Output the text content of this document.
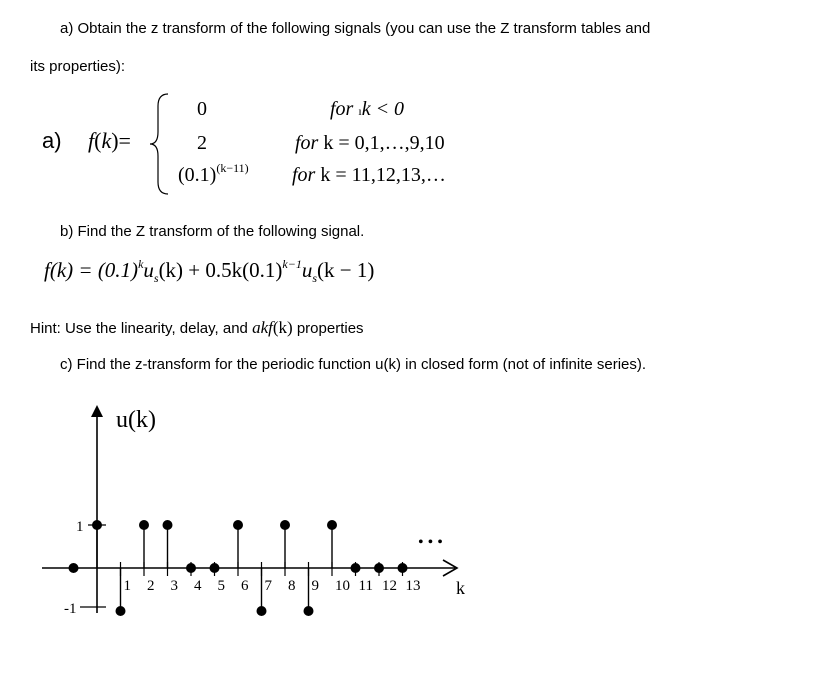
a) Obtain the z transform of the following signals (you can use the Z transform tables and
its properties):
a) f(k)=
0
2
$(0.1)^{(k-11)}$
for ık < 0
for k = 0,1,…,9,10
for k = 11,12,13,…
b) Find the Z transform of the following signal.
$f(k) = (0.1)^ku_s(k) + 0.5k(0.1)^{k-1}u_s(k - 1)$
Hint: Use the linearity, delay, and akf(k) properties
c) Find the z-transform for the periodic function u(k) in closed form (not of infinite series).
u(k)
k
1
-1
• • •
1 2 3 4 5 6 7 8 9 10 11 12 13
